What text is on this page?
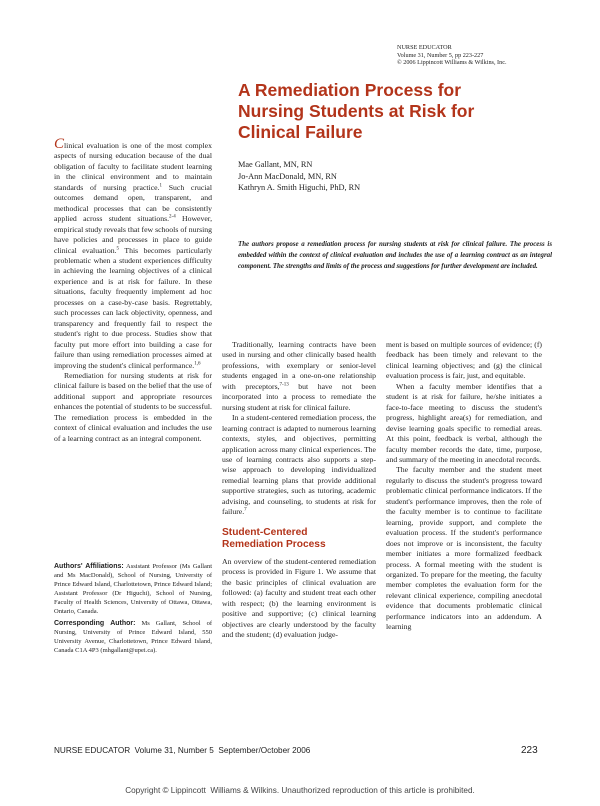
NURSE EDUCATOR
Volume 31, Number 5, pp 223-227
© 2006 Lippincott Williams & Wilkins, Inc.
A Remediation Process for
Nursing Students at Risk for
Clinical Failure
Mae Gallant, MN, RN
Jo-Ann MacDonald, MN, RN
Kathryn A. Smith Higuchi, PhD, RN
The authors propose a remediation process for nursing students at risk for clinical failure. The process is embedded within the context of clinical evaluation and includes the use of a learning contract as an integral component. The strengths and limits of the process and suggestions for further development are included.

Clinical evaluation is one of the most complex aspects of nursing education because of the dual obligation of faculty to facilitate student learning in the clinical environment and to maintain standards of nursing practice.$^1$ Such crucial outcomes demand open, transparent, and methodical processes that can be consistently applied across student situations.$^{2-4}$ However, empirical study reveals that few schools of nursing have policies and processes in place to guide clinical evaluation.$^5$ This becomes particularly problematic when a student experiences difficulty in achieving the learning objectives of a clinical experience and is at risk for failure. In these situations, faculty frequently implement ad hoc processes on a case-by-case basis. Regrettably, such processes can lack objectivity, openness, and transparency and frequently fail to respect the student's right to due process. Studies show that faculty put more effort into building a case for failure than using remediation processes aimed at improving the student's clinical performance.$^{1,6}$

Remediation for nursing students at risk for clinical failure is based on the belief that the use of additional support and appropriate resources enhances the potential of students to be successful. The remediation process is embedded in the context of clinical evaluation and includes the use of a learning contract as an integral component.

Authors' Affiliations: Assistant Professor (Ms Gallant and Ms MacDonald), School of Nursing, University of Prince Edward Island, Charlottetown, Prince Edward Island; Assistant Professor (Dr Higuchi), School of Nursing, Faculty of Health Sciences, University of Ottawa, Ottawa, Ontario, Canada.

Corresponding Author: Ms Gallant, School of Nursing, University of Prince Edward Island, 550 University Avenue, Charlottetown, Prince Edward Island, Canada C1A 4P3 (mhgallant@upei.ca).

Traditionally, learning contracts have been used in nursing and other clinically based health professions, with exemplary or senior-level students engaged in a one-on-one relationship with preceptors,$^{7-13}$ but have not been incorporated into a process to remediate the nursing student at risk for clinical failure.

In a student-centered remediation process, the learning contract is adapted to numerous learning contexts, styles, and objectives, permitting application across many clinical experiences. The use of learning contracts also supports a step-wise approach to developing individualized remedial learning plans that provide additional supportive strategies, such as tutoring, academic advising, and counseling, to students at risk for failure.$^7$

Student-Centered
Remediation Process

An overview of the student-centered remediation process is provided in Figure 1. We assume that the basic principles of clinical evaluation are followed: (a) faculty and student treat each other with respect; (b) the learning environment is positive and supportive; (c) clinical learning objectives are clearly understood by the faculty and the student; (d) evaluation judge-

ment is based on multiple sources of evidence; (f) feedback has been timely and relevant to the clinical learning objectives; and (g) the clinical evaluation process is fair, just, and equitable.

When a faculty member identifies that a student is at risk for failure, he/she initiates a face-to-face meeting to discuss the student's progress, highlight area(s) for remediation, and devise learning goals specific to remedial areas. At this point, feedback is verbal, although the faculty member records the date, time, purpose, and summary of the meeting in anecdotal records.

The faculty member and the student meet regularly to discuss the student's progress toward problematic clinical performance indicators. If the student's performance improves, then the role of the faculty member is to continue to facilitate learning, provide support, and complete the evaluation process. If the student's performance does not improve or is inconsistent, the faculty member initiates a more formalized feedback process. A formal meeting with the student is organized. To prepare for the meeting, the faculty member completes the evaluation form for the relevant clinical experience, compiling anecdotal evidence that documents problematic clinical performance indicators into an addendum. A learning

NURSE EDUCATOR  Volume 31, Number 5  September/October 2006	223
Copyright © Lippincott  Williams & Wilkins. Unauthorized reproduction of this article is prohibited.
